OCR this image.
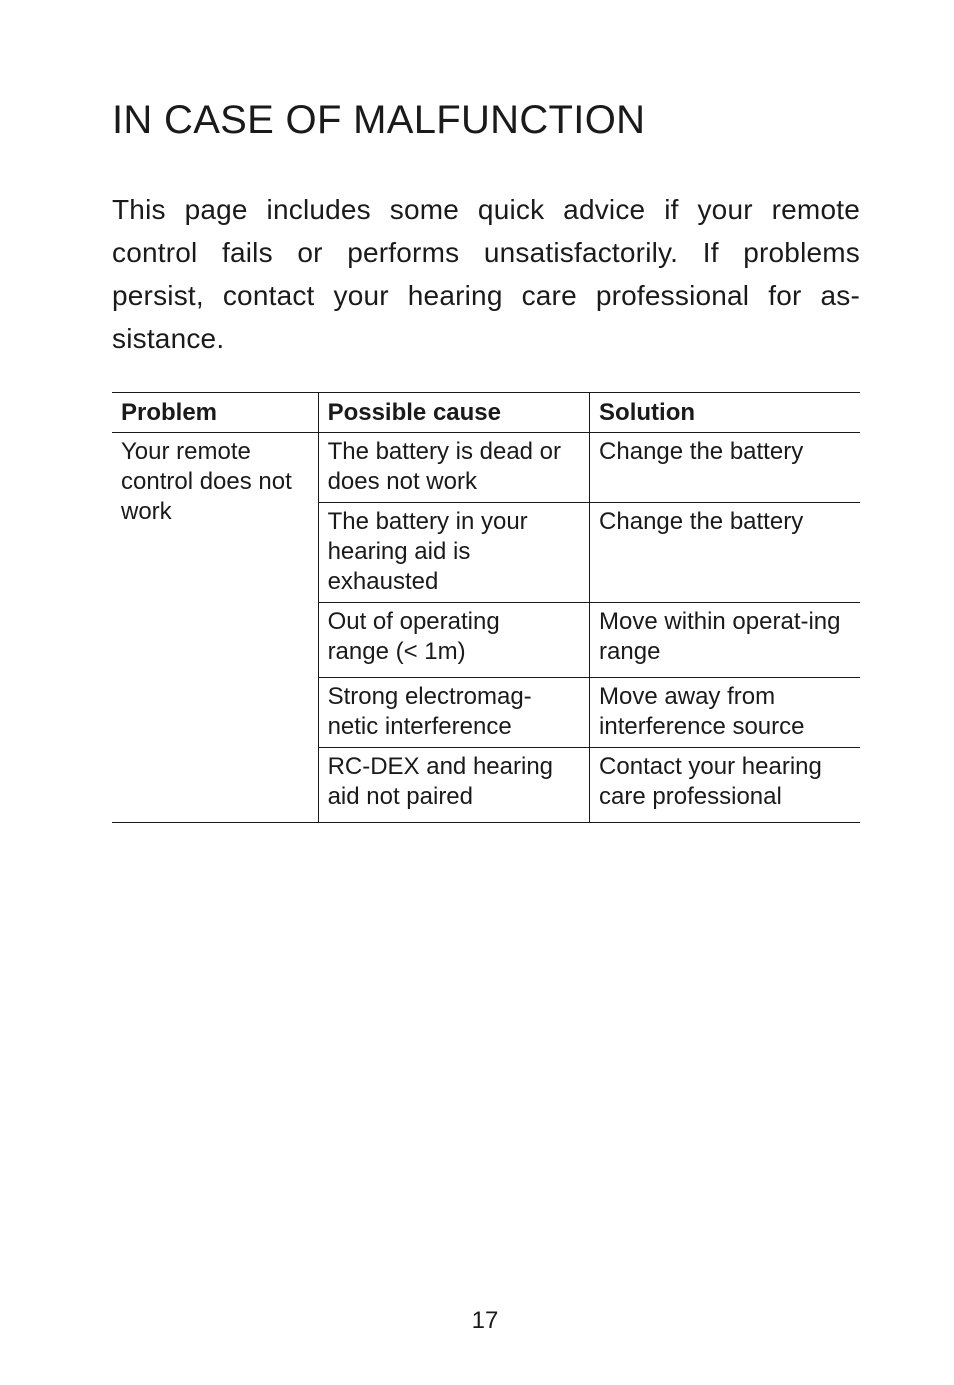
IN CASE OF MALFUNCTION

This page includes some quick advice if your remote control fails or performs unsatisfactorily. If problems persist, contact your hearing care professional for as-sistance.

Problem	Possible cause	Solution
Your remote control does not work	The battery is dead or does not work	Change the battery
	The battery in your hearing aid is exhausted	Change the battery
	Out of operating range (< 1m)	Move within operat-ing range
	Strong electromag-netic interference	Move away from interference source
	RC-DEX and hearing aid not paired	Contact your hearing care professional
17
